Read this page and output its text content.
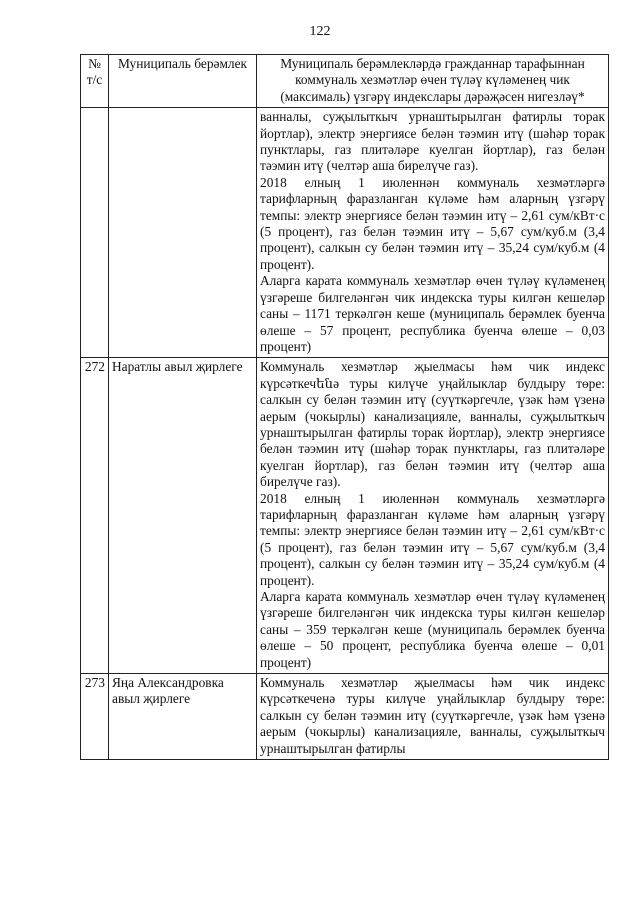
122
№ т/с	Муниципаль берәмлек	Муниципаль берәмлекләрдә гражданнар тарафыннан коммуналь хезмәтләр өчен түләү күләменең чик (максималь) үзгәрү индекслары дәрәҗәсен нигезләү*

		ванналы, суҗылыткыч урнаштырылган фатирлы торак йортлар), электр энергиясе белән тәэмин итү (шәһәр торак пунктлары, газ плитәләре куелган йортлар), газ белән тәэмин итү (челтәр аша бирелүче газ).
2018 елның 1 июленнән коммуналь хезмәтләргә тарифларның фаразланган күләме һәм аларның үзгәрү темпы: электр энергиясе белән тәэмин итү – 2,61 сум/кВт·с (5 процент), газ белән тәэмин итү – 5,67 сум/куб.м (3,4 процент), салкын су белән тәэмин итү – 35,24 сум/куб.м (4 процент).
Аларга карата коммуналь хезмәтләр өчен түләү күләменең үзгәреше билгеләнгән чик индекска туры килгән кешеләр саны – 1171 теркәлгән кеше (муниципаль берәмлек буенча өлеше – 57 процент, республика буенча өлеше – 0,03 процент)

272	Наратлы авыл җирлеге	Коммуналь хезмәтләр җыелмасы һәм чик индекс күрсәткечենә туры килүче уңайлыклар булдыру төре: салкын су белән тәэмин итү (суүткәргечле, үзәк һәм үзенә аерым (чокырлы) канализацияле, ванналы, суҗылыткыч урнаштырылган фатирлы торак йортлар), электр энергиясе белән тәэмин итү (шәһәр торак пунктлары, газ плитәләре куелган йортлар), газ белән тәэмин итү (челтәр аша бирелүче газ).
2018 елның 1 июленнән коммуналь хезмәтләргә тарифларның фаразланган күләме һәм аларның үзгәрү темпы: электр энергиясе белән тәэмин итү – 2,61 сум/кВт·с (5 процент), газ белән тәэмин итү – 5,67 сум/куб.м (3,4 процент), салкын су белән тәэмин итү – 35,24 сум/куб.м (4 процент).
Аларга карата коммуналь хезмәтләр өчен түләү күләменең үзгәреше билгеләнгән чик индекска туры килгән кешеләр саны – 359 теркәлгән кеше (муниципаль берәмлек буенча өлеше – 50 процент, республика буенча өлеше – 0,01 процент)

273	Яңа Александровка авыл җирлеге	Коммуналь хезмәтләр җыелмасы һәм чик индекс күрсәткеченә туры килүче уңайлыклар булдыру төре: салкын су белән тәэмин итү (суүткәргечле, үзәк һәм үзенә аерым (чокырлы) канализацияле, ванналы, суҗылыткыч урнаштырылган фатирлы
